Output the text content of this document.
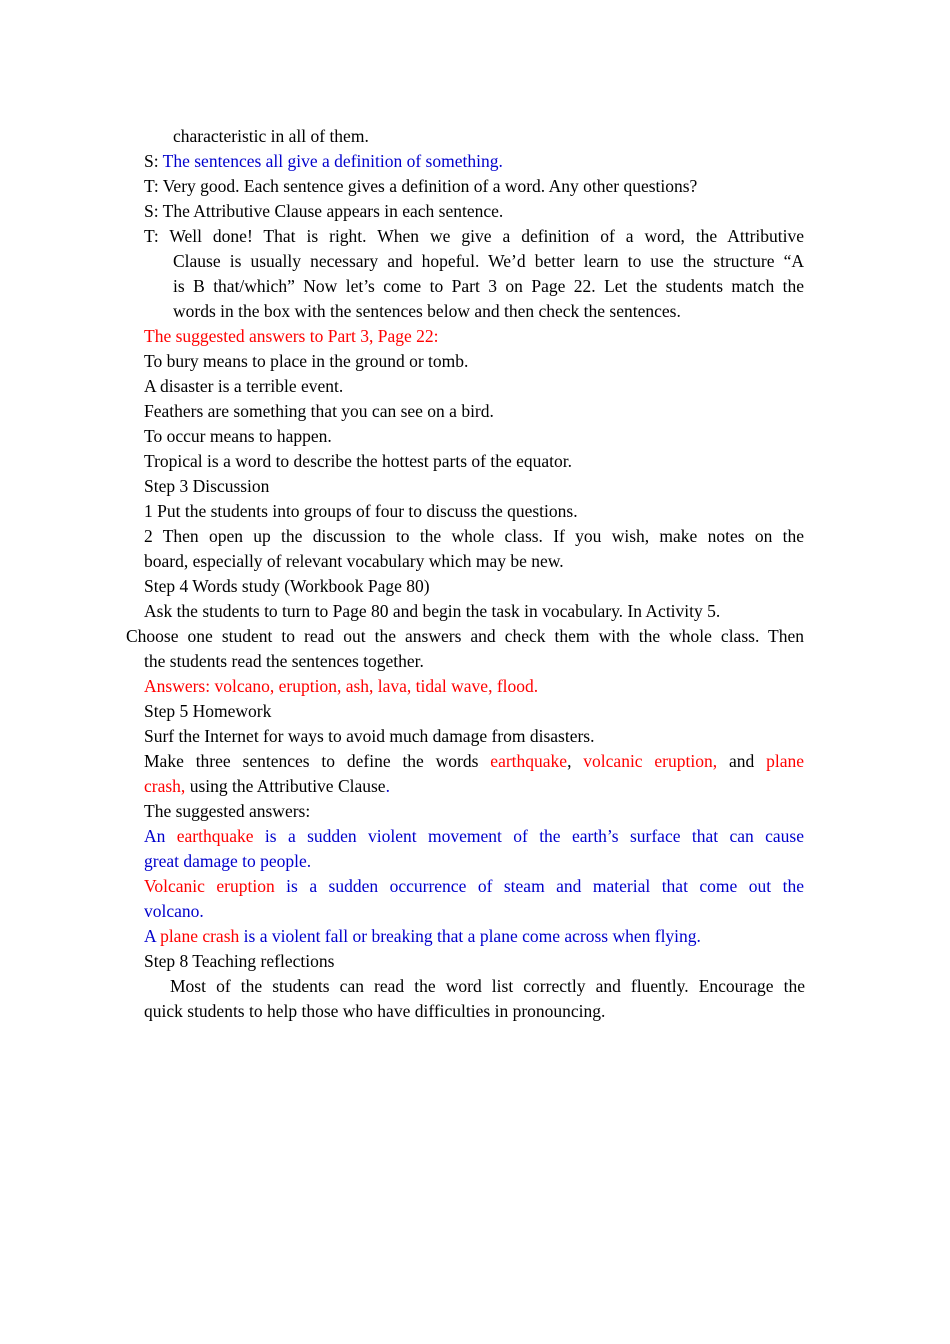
characteristic in all of them.
S: The sentences all give a definition of something.
T: Very good. Each sentence gives a definition of a word. Any other questions?
S: The Attributive Clause appears in each sentence.
T: Well done! That is right. When we give a definition of a word, the Attributive
Clause is usually necessary and hopeful. We’d better learn to use the structure “A
is B that/which” Now let’s come to Part 3 on Page 22. Let the students match the
words in the box with the sentences below and then check the sentences.
The suggested answers to Part 3, Page 22:
To bury means to place in the ground or tomb.
A disaster is a terrible event.
Feathers are something that you can see on a bird.
To occur means to happen.
Tropical is a word to describe the hottest parts of the equator.
Step 3 Discussion
1 Put the students into groups of four to discuss the questions.
2 Then open up the discussion to the whole class. If you wish, make notes on the
board, especially of relevant vocabulary which may be new.
Step 4 Words study (Workbook Page 80)
Ask the students to turn to Page 80 and begin the task in vocabulary. In Activity 5.
Choose one student to read out the answers and check them with the whole class. Then
the students read the sentences together.
Answers: volcano, eruption, ash, lava, tidal wave, flood.
Step 5 Homework
Surf the Internet for ways to avoid much damage from disasters.
Make three sentences to define the words earthquake, volcanic eruption, and plane
crash, using the Attributive Clause.
The suggested answers:
An earthquake is a sudden violent movement of the earth’s surface that can cause
great damage to people.
Volcanic eruption is a sudden occurrence of steam and material that come out the
volcano.
A plane crash is a violent fall or breaking that a plane come across when flying.
Step 8 Teaching reflections
Most of the students can read the word list correctly and fluently. Encourage the
quick students to help those who have difficulties in pronouncing.
